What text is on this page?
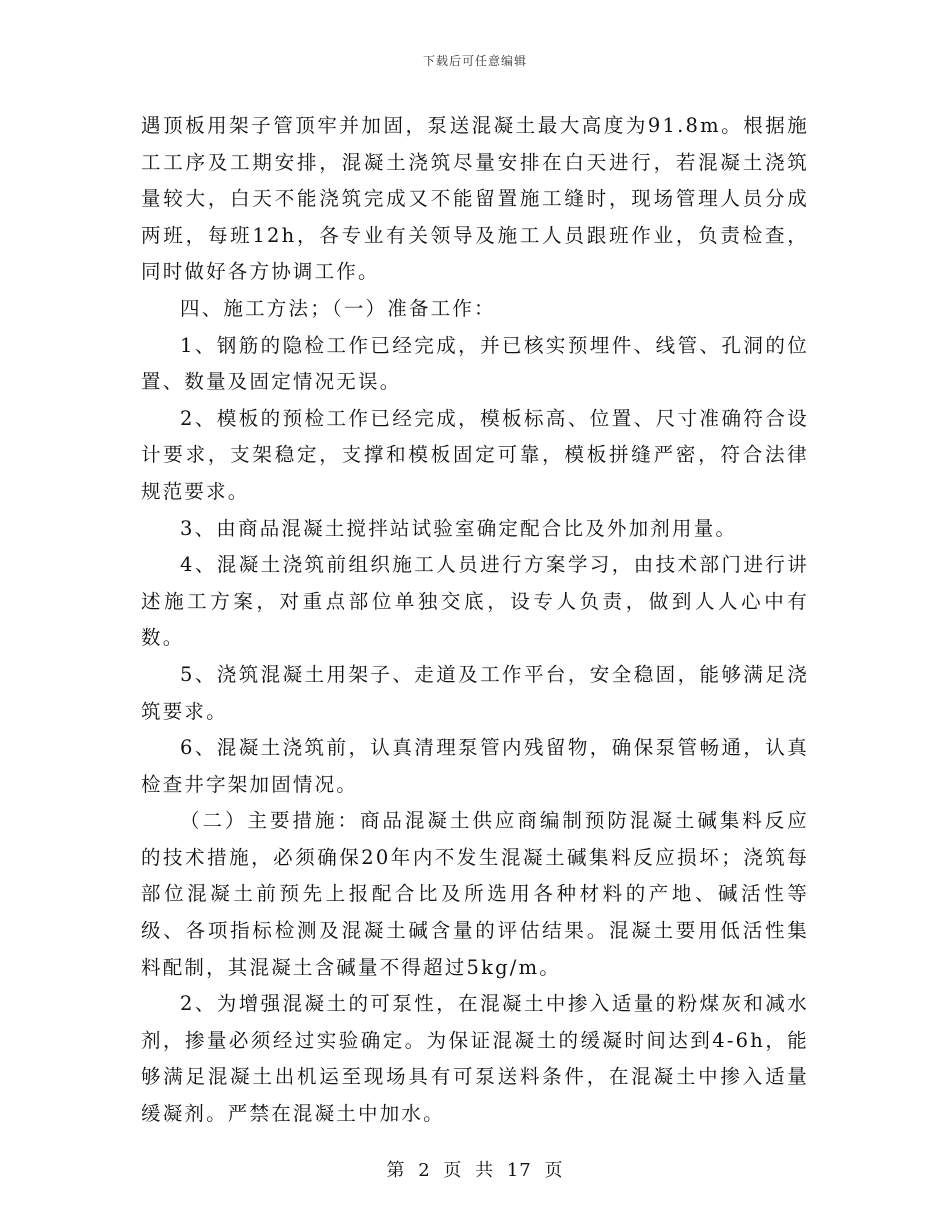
下载后可任意编辑

遇顶板用架子管顶牢并加固，泵送混凝土最大高度为91.8m。根据施工工序及工期安排，混凝土浇筑尽量安排在白天进行，若混凝土浇筑量较大，白天不能浇筑完成又不能留置施工缝时，现场管理人员分成两班，每班12h，各专业有关领导及施工人员跟班作业，负责检查，同时做好各方协调工作。

四、施工方法；（一）准备工作：

1、钢筋的隐检工作已经完成，并已核实预埋件、线管、孔洞的位置、数量及固定情况无误。

2、模板的预检工作已经完成，模板标高、位置、尺寸准确符合设计要求，支架稳定，支撑和模板固定可靠，模板拼缝严密，符合法律规范要求。

3、由商品混凝土搅拌站试验室确定配合比及外加剂用量。

4、混凝土浇筑前组织施工人员进行方案学习，由技术部门进行讲述施工方案，对重点部位单独交底，设专人负责，做到人人心中有数。

5、浇筑混凝土用架子、走道及工作平台，安全稳固，能够满足浇筑要求。

6、混凝土浇筑前，认真清理泵管内残留物，确保泵管畅通，认真检查井字架加固情况。

（二）主要措施：商品混凝土供应商编制预防混凝土碱集料反应的技术措施，必须确保20年内不发生混凝土碱集料反应损坏；浇筑每部位混凝土前预先上报配合比及所选用各种材料的产地、碱活性等级、各项指标检测及混凝土碱含量的评估结果。混凝土要用低活性集料配制，其混凝土含碱量不得超过5kg/m。

2、为增强混凝土的可泵性，在混凝土中掺入适量的粉煤灰和减水剂，掺量必须经过实验确定。为保证混凝土的缓凝时间达到4-6h，能够满足混凝土出机运至现场具有可泵送料条件，在混凝土中掺入适量缓凝剂。严禁在混凝土中加水。

第 2 页 共 17 页
